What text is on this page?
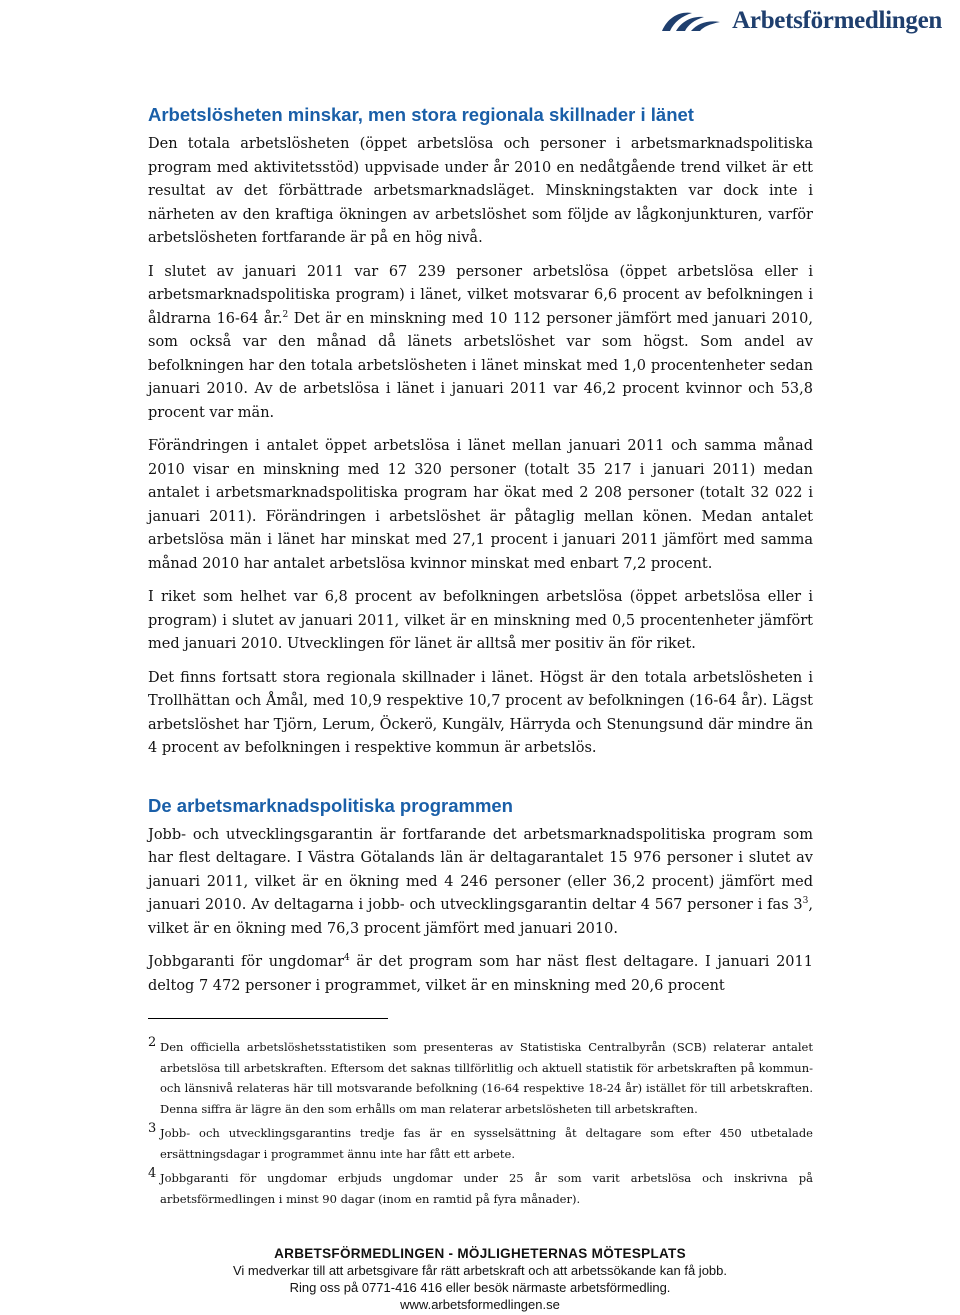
Arbetsförmedlingen
Arbetslösheten minskar, men stora regionala skillnader i länet

Den totala arbetslösheten (öppet arbetslösa och personer i arbetsmarknadspolitiska program med aktivitetsstöd) uppvisade under år 2010 en nedåtgående trend vilket är ett resultat av det förbättrade arbetsmarknadsläget. Minskningstakten var dock inte i närheten av den kraftiga ökningen av arbetslöshet som följde av lågkonjunkturen, varför arbetslösheten fortfarande är på en hög nivå.

I slutet av januari 2011 var 67 239 personer arbetslösa (öppet arbetslösa eller i arbetsmarknadspolitiska program) i länet, vilket motsvarar 6,6 procent av befolkningen i åldrarna 16-64 år.$^2$ Det är en minskning med 10 112 personer jämfört med januari 2010, som också var den månad då länets arbetslöshet var som högst. Som andel av befolkningen har den totala arbetslösheten i länet minskat med 1,0 procentenheter sedan januari 2010. Av de arbetslösa i länet i januari 2011 var 46,2 procent kvinnor och 53,8 procent var män.

Förändringen i antalet öppet arbetslösa i länet mellan januari 2011 och samma månad 2010 visar en minskning med 12 320 personer (totalt 35 217 i januari 2011) medan antalet i arbetsmarknadspolitiska program har ökat med 2 208 personer (totalt 32 022 i januari 2011). Förändringen i arbetslöshet är påtaglig mellan könen. Medan antalet arbetslösa män i länet har minskat med 27,1 procent i januari 2011 jämfört med samma månad 2010 har antalet arbetslösa kvinnor minskat med enbart 7,2 procent.

I riket som helhet var 6,8 procent av befolkningen arbetslösa (öppet arbetslösa eller i program) i slutet av januari 2011, vilket är en minskning med 0,5 procentenheter jämfört med januari 2010. Utvecklingen för länet är alltså mer positiv än för riket.

Det finns fortsatt stora regionala skillnader i länet. Högst är den totala arbetslösheten i Trollhättan och Åmål, med 10,9 respektive 10,7 procent av befolkningen (16-64 år). Lägst arbetslöshet har Tjörn, Lerum, Öckerö, Kungälv, Härryda och Stenungsund där mindre än 4 procent av befolkningen i respektive kommun är arbetslös.

De arbetsmarknadspolitiska programmen

Jobb- och utvecklingsgarantin är fortfarande det arbetsmarknadspolitiska program som har flest deltagare. I Västra Götalands län är deltagarantalet 15 976 personer i slutet av januari 2011, vilket är en ökning med 4 246 personer (eller 36,2 procent) jämfört med januari 2010. Av deltagarna i jobb- och utvecklingsgarantin deltar 4 567 personer i fas $3^3$, vilket är en ökning med 76,3 procent jämfört med januari 2010.

Jobbgaranti för ungdomar$^4$ är det program som har näst flest deltagare. I januari 2011 deltog 7 472 personer i programmet, vilket är en minskning med 20,6 procent

2 Den officiella arbetslöshetsstatistiken som presenteras av Statistiska Centralbyrån (SCB) relaterar antalet arbetslösa till arbetskraften. Eftersom det saknas tillförlitlig och aktuell statistik för arbetskraften på kommun- och länsnivå relateras här till motsvarande befolkning (16-64 respektive 18-24 år) istället för till arbetskraften. Denna siffra är lägre än den som erhålls om man relaterar arbetslösheten till arbetskraften.
3 Jobb- och utvecklingsgarantins tredje fas är en sysselsättning åt deltagare som efter 450 utbetalade ersättningsdagar i programmet ännu inte har fått ett arbete.
4 Jobbgaranti för ungdomar erbjuds ungdomar under 25 år som varit arbetslösa och inskrivna på arbetsförmedlingen i minst 90 dagar (inom en ramtid på fyra månader).
ARBETSFÖRMEDLINGEN - MÖJLIGHETERNAS MÖTESPLATS
Vi medverkar till att arbetsgivare får rätt arbetskraft och att arbetssökande kan få jobb.
Ring oss på 0771-416 416 eller besök närmaste arbetsförmedling.
www.arbetsformedlingen.se
